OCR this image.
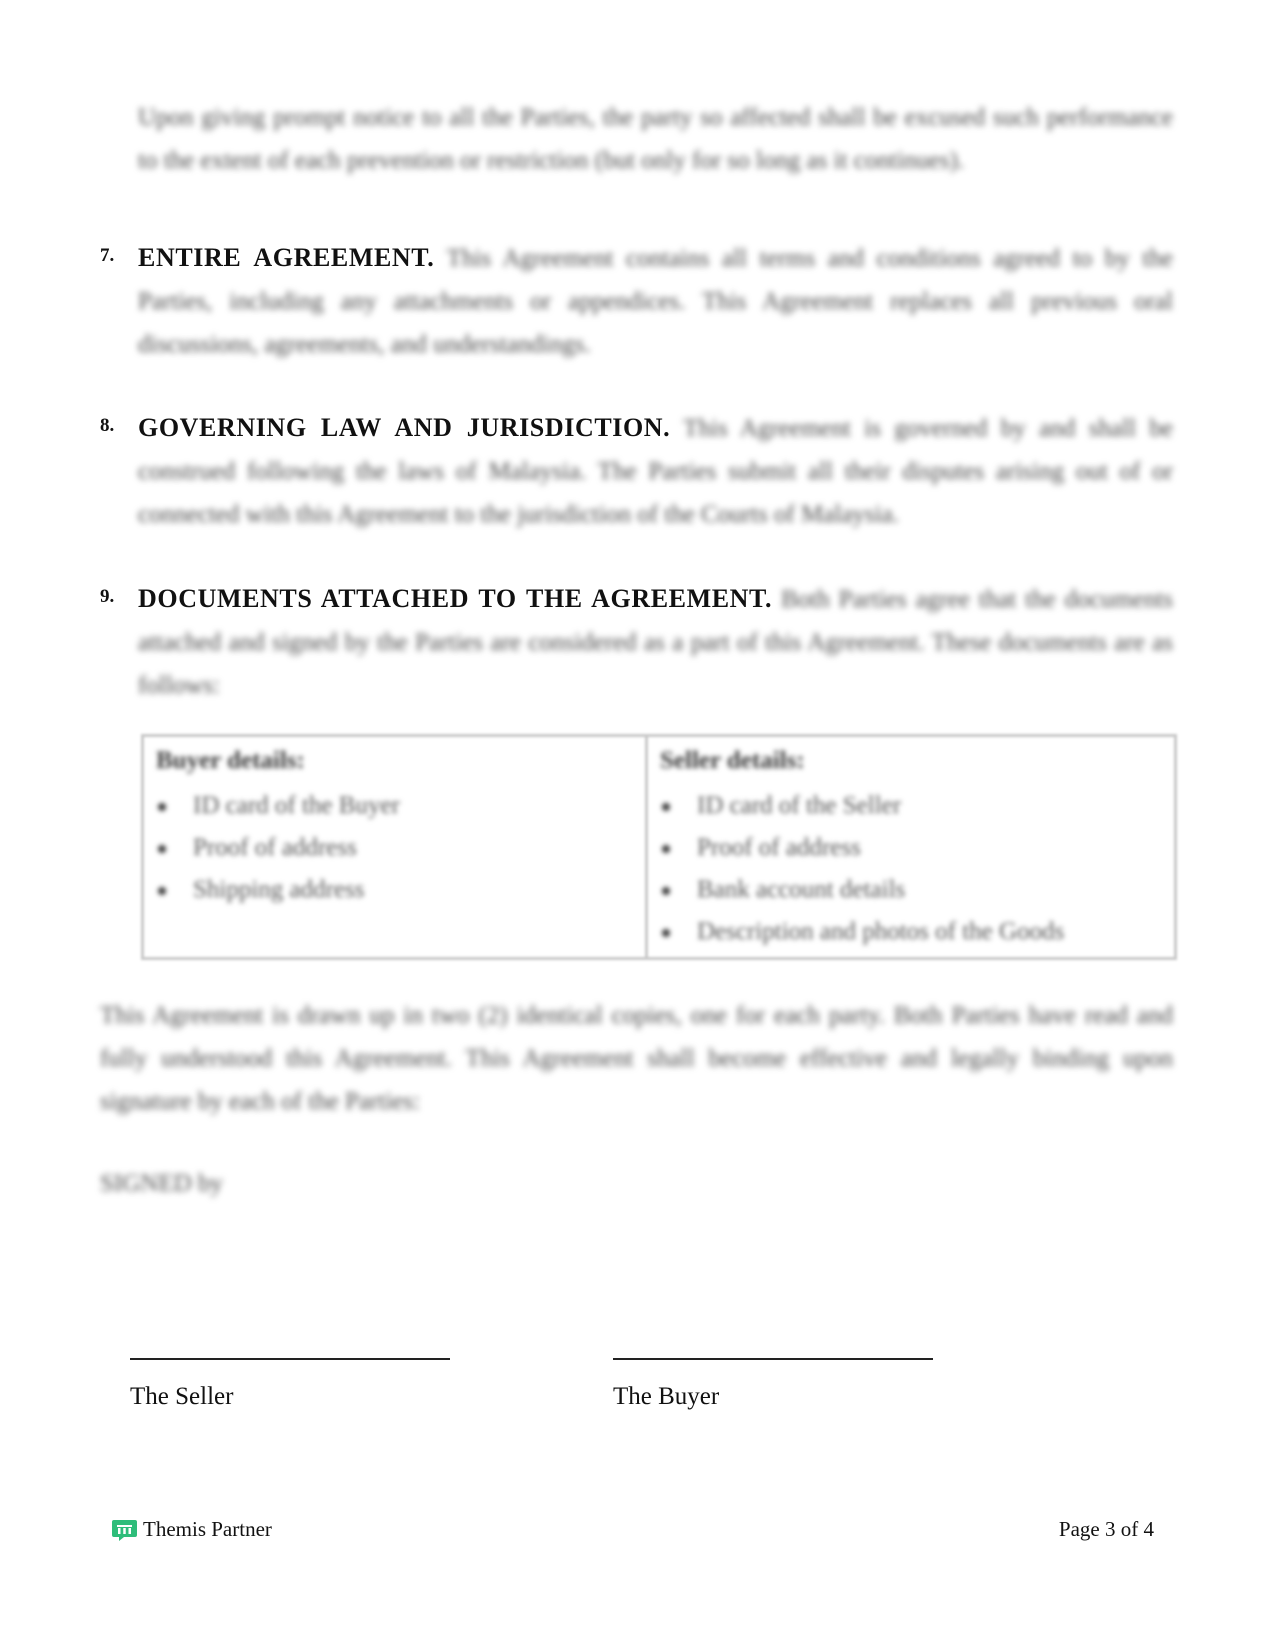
Upon giving prompt notice to all the Parties, the party so affected shall be excused such performance to the extent of each prevention or restriction (but only for so long as it continues).
7. ENTIRE AGREEMENT. This Agreement contains all terms and conditions agreed to by the Parties, including any attachments or appendices. This Agreement replaces all previous oral discussions, agreements, and understandings.
8. GOVERNING LAW AND JURISDICTION. This Agreement is governed by and shall be construed following the laws of Malaysia. The Parties submit all their disputes arising out of or connected with this Agreement to the jurisdiction of the Courts of Malaysia.
9. DOCUMENTS ATTACHED TO THE AGREEMENT. Both Parties agree that the documents attached and signed by the Parties are considered as a part of this Agreement. These documents are as follows:
Buyer details:
ID card of the Buyer
Proof of address
Shipping address
Seller details:
ID card of the Seller
Proof of address
Bank account details
Description and photos of the Goods
This Agreement is drawn up in two (2) identical copies, one for each party. Both Parties have read and fully understood this Agreement. This Agreement shall become effective and legally binding upon signature by each of the Parties:
SIGNED by
The Seller	The Buyer
Themis Partner	Page 3 of 4
